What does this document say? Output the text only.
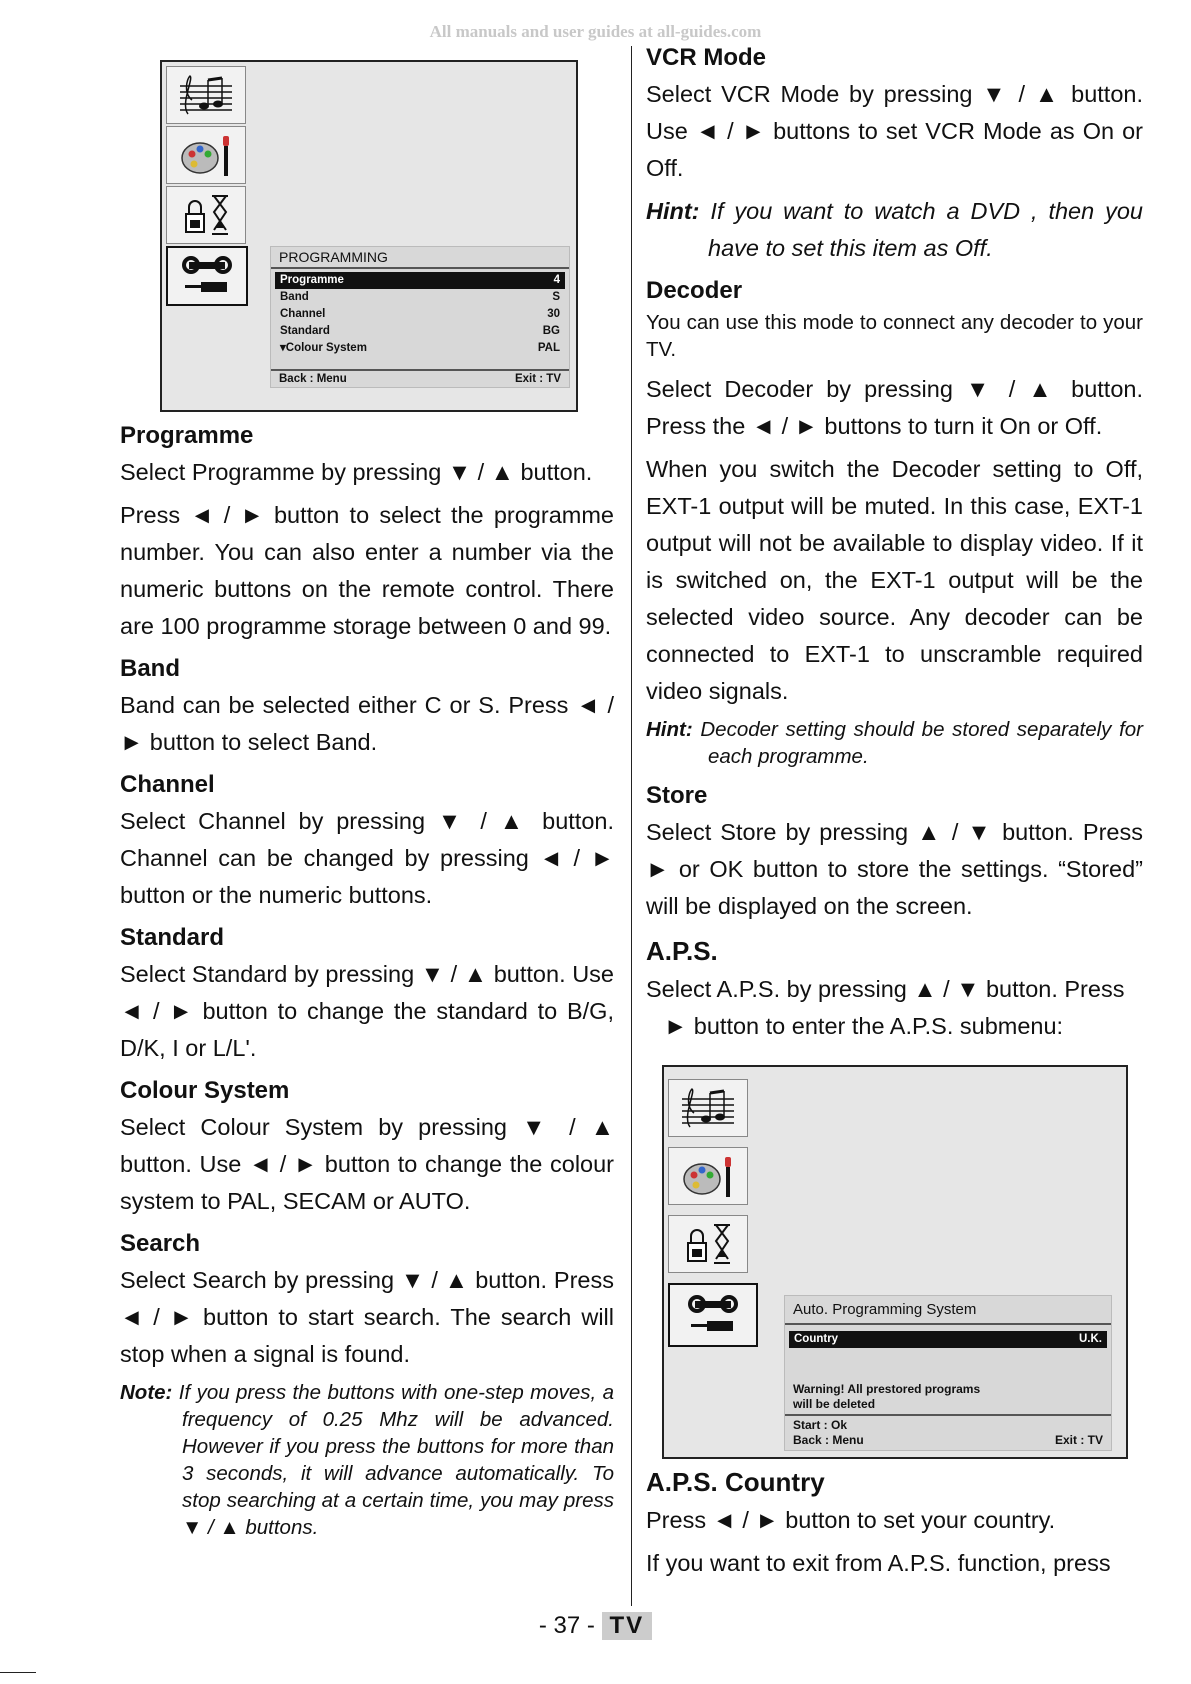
All manuals and user guides at all-guides.com
PROGRAMMING
Programme	4
Band	S
Channel	30
Standard	BG
▾Colour System	PAL
Back : Menu	Exit : TV
Programme

Select Programme by pressing ▼ / ▲ button.

Press ◄ / ► button to select the programme number. You can also enter a number via the numeric buttons on the remote control. There are 100 programme storage between 0 and 99.

Band

Band can be selected either C or S. Press ◄ / ► button to select Band.

Channel

Select Channel by pressing ▼ / ▲ button. Channel can be changed by pressing ◄ / ► button or the numeric buttons.

Standard

Select Standard by pressing ▼ / ▲ button. Use ◄ / ► button to change the standard to B/G, D/K, I or L/L'.

Colour System

Select Colour System by pressing ▼ / ▲ button. Use ◄ / ► button to change the colour system to PAL, SECAM or AUTO.

Search

Select Search by pressing ▼ / ▲ button. Press ◄ / ► button to start search. The search will stop when a signal is found.

Note: If you press the buttons with one-step moves, a frequency of 0.25 Mhz will be advanced. However if you press the buttons for more than 3 seconds, it will advance automatically. To stop searching at a certain time, you may press ▼ / ▲ buttons.

VCR Mode

Select VCR Mode by pressing ▼ / ▲ button. Use ◄ / ► buttons to set VCR Mode as On or Off.

Hint: If you want to watch a DVD , then you have to set this item as Off.

Decoder

You can use this mode to connect any decoder to your TV.

Select Decoder by pressing ▼ / ▲ button. Press the ◄ / ► buttons to turn it On or Off.

When you switch the Decoder setting to Off, EXT-1 output will be muted. In this case, EXT-1 output will not be available to display video. If it is switched on, the EXT-1 output will be the selected video source. Any decoder can be connected to EXT-1 to unscramble required video signals.

Hint: Decoder setting should be stored separately for each programme.

Store

Select Store by pressing ▲ / ▼ button. Press ► or OK button to store the settings. “Stored” will be displayed on the screen.

A.P.S.

Select A.P.S. by pressing ▲ / ▼ button. Press

► button to enter the A.P.S. submenu:

Auto. Programming System
Country	U.K.
Warning! All prestored programs
will be deleted
Start : Ok
Back : Menu	Exit : TV
A.P.S. Country

Press ◄ / ► button to set your country.

If you want to exit from A.P.S. function, press

- 37 - TV
